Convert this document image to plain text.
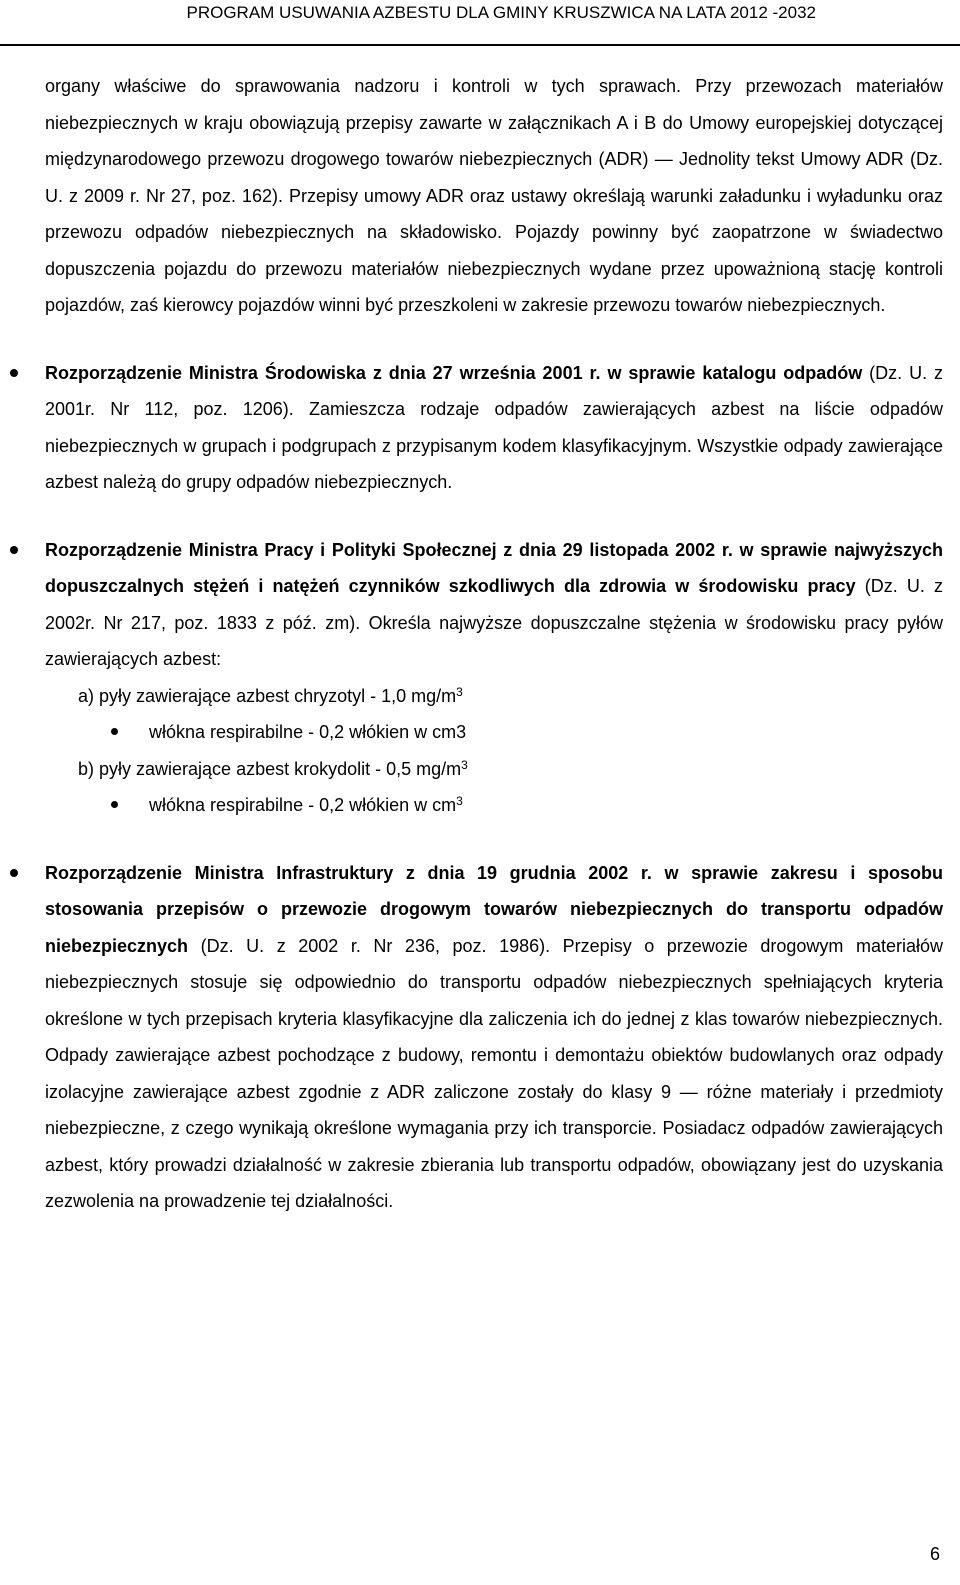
PROGRAM USUWANIA AZBESTU DLA GMINY KRUSZWICA NA LATA 2012 -2032

organy właściwe do sprawowania nadzoru i kontroli w tych sprawach. Przy przewozach materiałów niebezpiecznych w kraju obowiązują przepisy zawarte w załącznikach A i B do Umowy europejskiej dotyczącej międzynarodowego przewozu drogowego towarów niebezpiecznych (ADR) — Jednolity tekst Umowy ADR (Dz. U. z 2009 r. Nr 27, poz. 162). Przepisy umowy ADR oraz ustawy określają warunki załadunku i wyładunku oraz przewozu odpadów niebezpiecznych na składowisko. Pojazdy powinny być zaopatrzone w świadectwo dopuszczenia pojazdu do przewozu materiałów niebezpiecznych wydane przez upoważnioną stację kontroli pojazdów, zaś kierowcy pojazdów winni być przeszkoleni w zakresie przewozu towarów niebezpiecznych.

Rozporządzenie Ministra Środowiska z dnia 27 września 2001 r. w sprawie katalogu odpadów (Dz. U. z 2001r. Nr 112, poz. 1206). Zamieszcza rodzaje odpadów zawierających azbest na liście odpadów niebezpiecznych w grupach i podgrupach z przypisanym kodem klasyfikacyjnym. Wszystkie odpady zawierające azbest należą do grupy odpadów niebezpiecznych.

Rozporządzenie Ministra Pracy i Polityki Społecznej z dnia 29 listopada 2002 r. w sprawie najwyższych dopuszczalnych stężeń i natężeń czynników szkodliwych dla zdrowia w środowisku pracy (Dz. U. z 2002r. Nr 217, poz. 1833 z póź. zm). Określa najwyższe dopuszczalne stężenia w środowisku pracy pyłów zawierających azbest:

a) pyły zawierające azbest chryzotyl - 1,0 $mg/m^3$
włókna respirabilne - 0,2 włókien w cm3
b) pyły zawierające azbest krokydolit - 0,5 $mg/m^3$
włókna respirabilne - 0,2 włókien w $cm^3$

Rozporządzenie Ministra Infrastruktury z dnia 19 grudnia 2002 r. w sprawie zakresu i sposobu stosowania przepisów o przewozie drogowym towarów niebezpiecznych do transportu odpadów niebezpiecznych (Dz. U. z 2002 r. Nr 236, poz. 1986). Przepisy o przewozie drogowym materiałów niebezpiecznych stosuje się odpowiednio do transportu odpadów niebezpiecznych spełniających kryteria określone w tych przepisach kryteria klasyfikacyjne dla zaliczenia ich do jednej z klas towarów niebezpiecznych. Odpady zawierające azbest pochodzące z budowy, remontu i demontażu obiektów budowlanych oraz odpady izolacyjne zawierające azbest zgodnie z ADR zaliczone zostały do klasy 9 — różne materiały i przedmioty niebezpieczne, z czego wynikają określone wymagania przy ich transporcie. Posiadacz odpadów zawierających azbest, który prowadzi działalność w zakresie zbierania lub transportu odpadów, obowiązany jest do uzyskania zezwolenia na prowadzenie tej działalności.

6
